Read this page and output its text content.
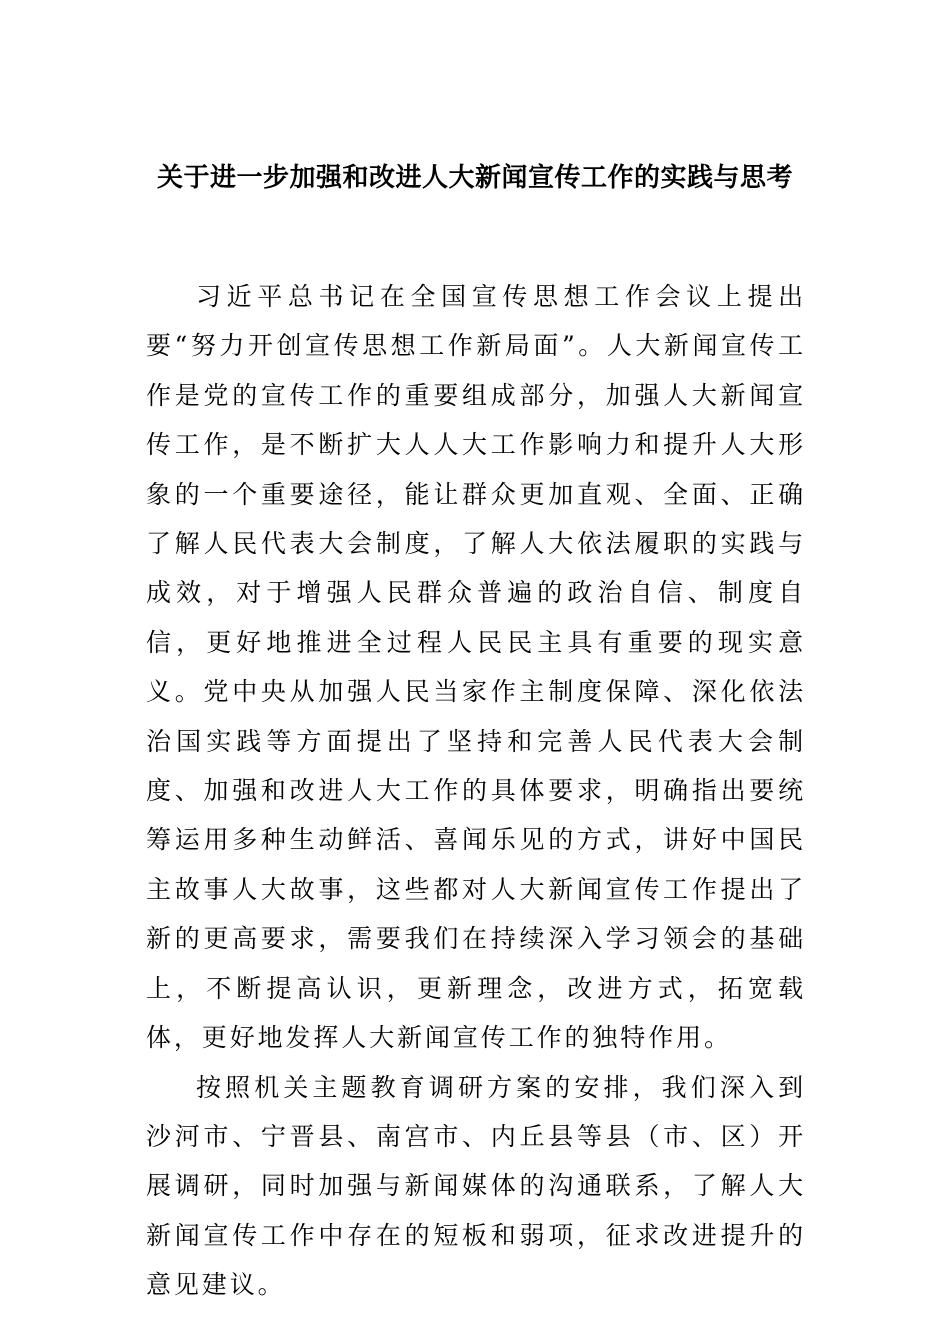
关于进一步加强和改进人大新闻宣传工作的实践与思考

习近平总书记在全国宣传思想工作会议上提出要“努力开创宣传思想工作新局面”。人大新闻宣传工作是党的宣传工作的重要组成部分，加强人大新闻宣传工作，是不断扩大人人大工作影响力和提升人大形象的一个重要途径，能让群众更加直观、全面、正确了解人民代表大会制度，了解人大依法履职的实践与成效，对于增强人民群众普遍的政治自信、制度自信，更好地推进全过程人民民主具有重要的现实意义。党中央从加强人民当家作主制度保障、深化依法治国实践等方面提出了坚持和完善人民代表大会制度、加强和改进人大工作的具体要求，明确指出要统筹运用多种生动鲜活、喜闻乐见的方式，讲好中国民主故事人大故事，这些都对人大新闻宣传工作提出了新的更高要求，需要我们在持续深入学习领会的基础上，不断提高认识，更新理念，改进方式，拓宽载体，更好地发挥人大新闻宣传工作的独特作用。

按照机关主题教育调研方案的安排，我们深入到沙河市、宁晋县、南宫市、内丘县等县（市、区）开展调研，同时加强与新闻媒体的沟通联系，了解人大新闻宣传工作中存在的短板和弱项，征求改进提升的意见建议。
